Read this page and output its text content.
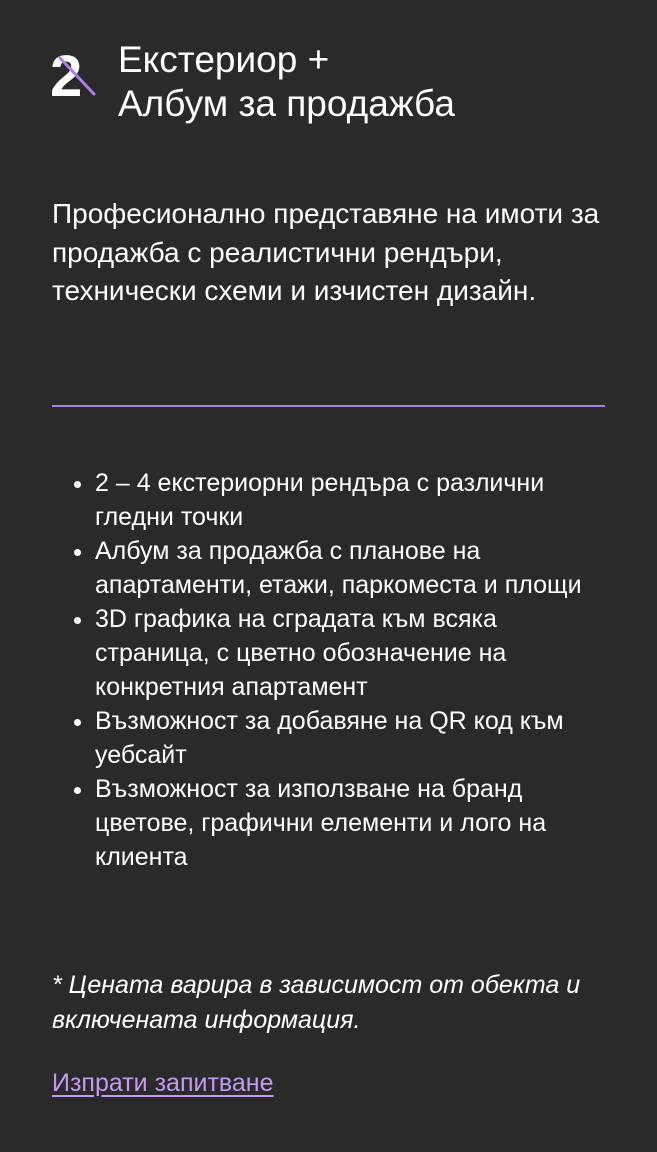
2 Екстериор +
Албум за продажба
Професионално представяне на имоти за продажба с реалистични рендъри, технически схеми и изчистен дизайн.
• 2 – 4 екстериорни рендъра с различни гледни точки
• Албум за продажба с планове на апартаменти, етажи, паркоместа и площи
• 3D графика на сградата към всяка страница, с цветно обозначение на конкретния апартамент
• Възможност за добавяне на QR код към уебсайт
• Възможност за използване на бранд цветове, графични елементи и лого на клиента
* Цената варира в зависимост от обекта и включената информация.
Изпрати запитване
